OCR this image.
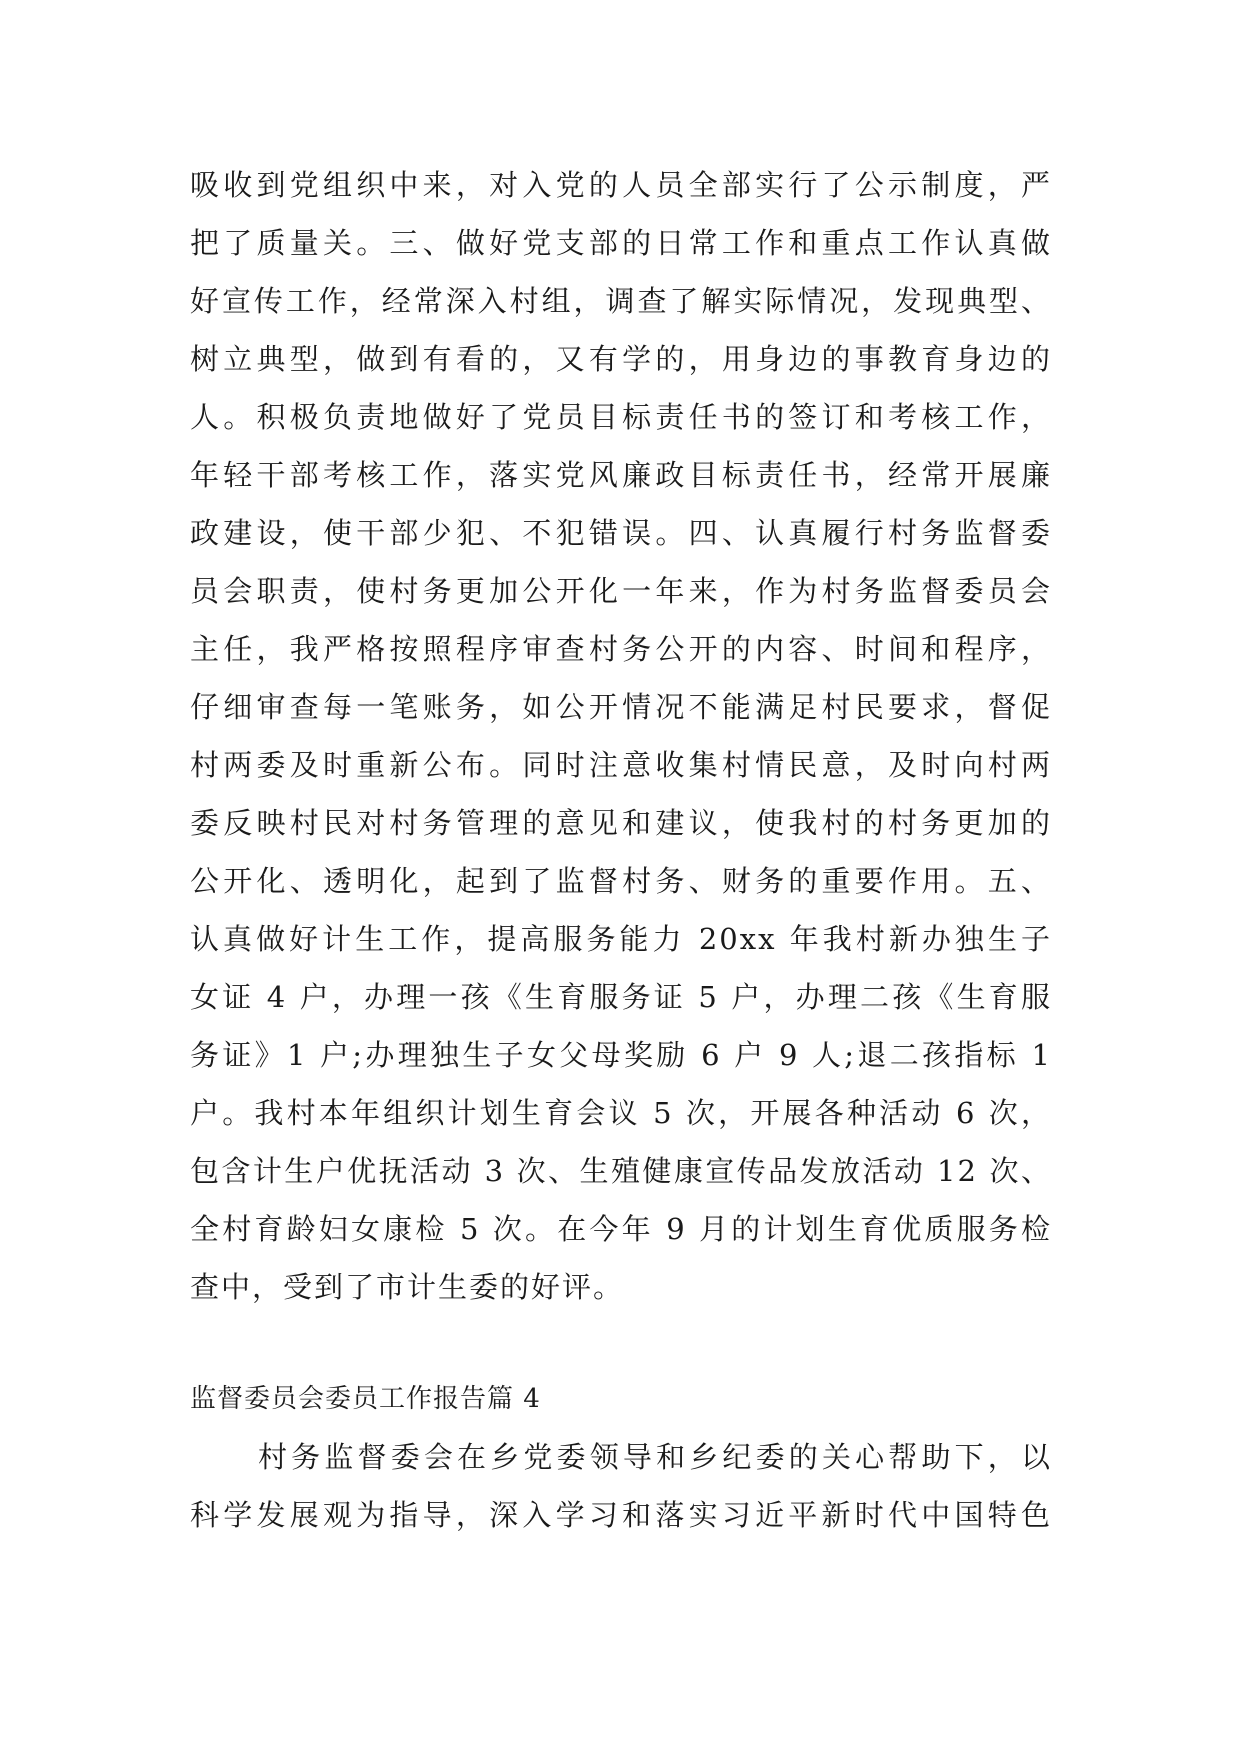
吸收到党组织中来，对入党的人员全部实行了公示制度，严
把了质量关。三、做好党支部的日常工作和重点工作认真做
好宣传工作，经常深入村组，调查了解实际情况，发现典型、
树立典型，做到有看的，又有学的，用身边的事教育身边的
人。积极负责地做好了党员目标责任书的签订和考核工作，
年轻干部考核工作，落实党风廉政目标责任书，经常开展廉
政建设，使干部少犯、不犯错误。四、认真履行村务监督委
员会职责，使村务更加公开化一年来，作为村务监督委员会
主任，我严格按照程序审查村务公开的内容、时间和程序，
仔细审查每一笔账务，如公开情况不能满足村民要求，督促
村两委及时重新公布。同时注意收集村情民意，及时向村两
委反映村民对村务管理的意见和建议，使我村的村务更加的
公开化、透明化，起到了监督村务、财务的重要作用。五、
认真做好计生工作，提高服务能力 20xx 年我村新办独生子
女证 4 户，办理一孩《生育服务证 5 户，办理二孩《生育服
务证》1 户;办理独生子女父母奖励 6 户 9 人;退二孩指标 1
户。我村本年组织计划生育会议 5 次，开展各种活动 6 次，
包含计生户优抚活动 3 次、生殖健康宣传品发放活动 12 次、
全村育龄妇女康检 5 次。在今年 9 月的计划生育优质服务检
查中，受到了市计生委的好评。
监督委员会委员工作报告篇 4
村务监督委会在乡党委领导和乡纪委的关心帮助下，以
科学发展观为指导，深入学习和落实习近平新时代中国特色
